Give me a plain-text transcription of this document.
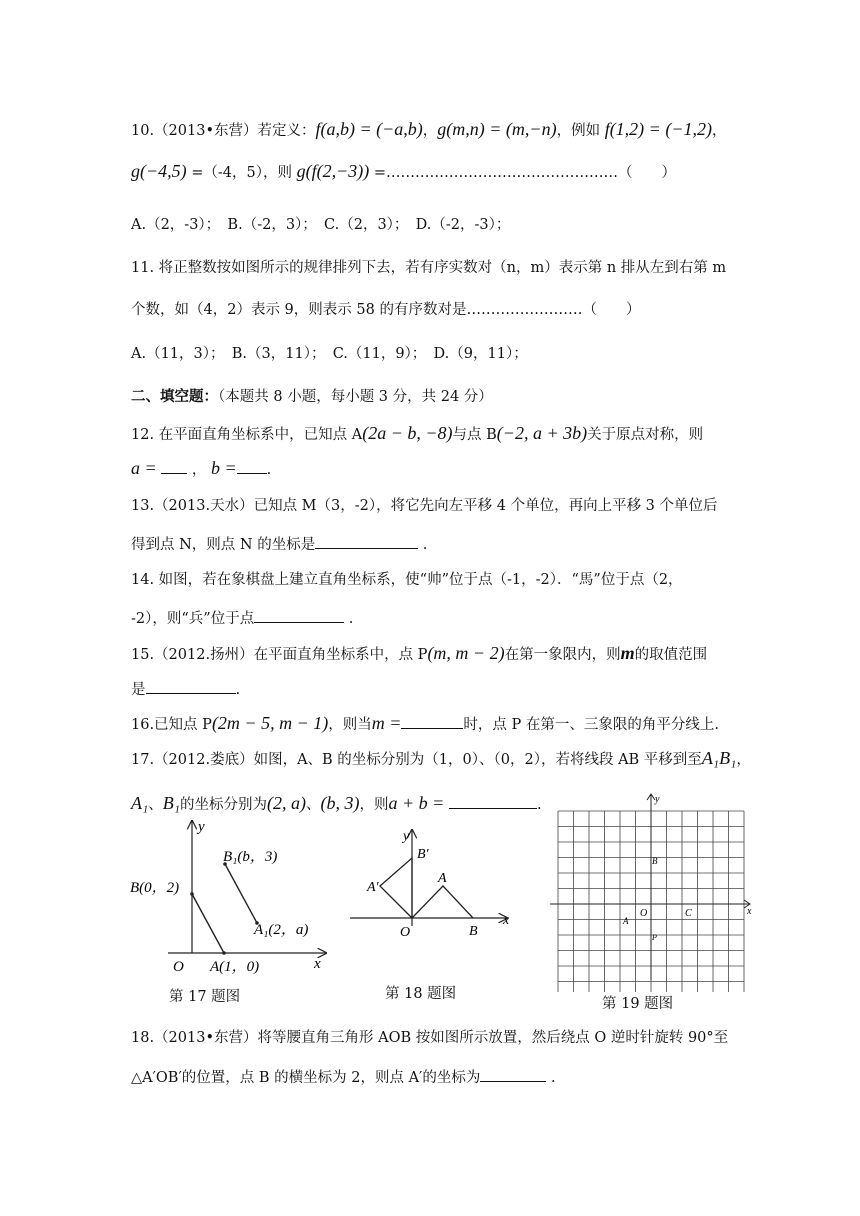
10.（2013•东营）若定义：f(a,b) = (−a,b)，g(m,n) = (m,−n)，例如 f(1,2) = (−1,2)，
g(−4,5) =（-4，5），则 g(f(2,−3)) =…………………………………………（　　）
A.（2，-3）；　B.（-2，3）；　C.（2，3）；　D.（-2，-3）；
11. 将正整数按如图所示的规律排列下去，若有序实数对（n，m）表示第 n 排从左到右第 m
个数，如（4，2）表示 9，则表示 58 的有序数对是……………………（　　）
A.（11，3）；　B.（3，11）；　C.（11，9）；　D.（9，11）；
二、填空题：（本题共 8 小题，每小题 3 分，共 24 分）
12. 在平面直角坐标系中，已知点 A(2a − b, −8)与点 B(−2, a + 3b)关于原点对称，则
a = ， b = .
13.（2013.天水）已知点 M（3，-2），将它先向左平移 4 个单位，再向上平移 3 个单位后
得到点 N，则点 N 的坐标是	.
14. 如图，若在象棋盘上建立直角坐标系，使“帅”位于点（-1，-2）．“馬”位于点（2，
-2），则“兵”位于点	.
15.（2012.扬州）在平面直角坐标系中，点 P(m, m − 2)在第一象限内，则m的取值范围
是	.
16.已知点 P(2m − 5, m − 1)，则当m =	时，点 P 在第一、三象限的角平分线上.
17.（2012.娄底）如图，A、B 的坐标分别为（1，0）、（0，2），若将线段 AB 平移到至A₁B₁，
A₁、B₁的坐标分别为(2, a)、(b, 3)，则a + b =	.
y
x
O
B(0，2)
A(1，0)
B₁(b，3)
A₁(2，a)
第 17 题图
y
x
O
B′
A′
A
B
第 18 题图
y
x
O
B
C
A
P
第 19 题图
18.（2013•东营）将等腰直角三角形 AOB 按如图所示放置，然后绕点 O 逆时针旋转 90°至
△A′OB′的位置，点 B 的横坐标为 2，则点 A′的坐标为	.
